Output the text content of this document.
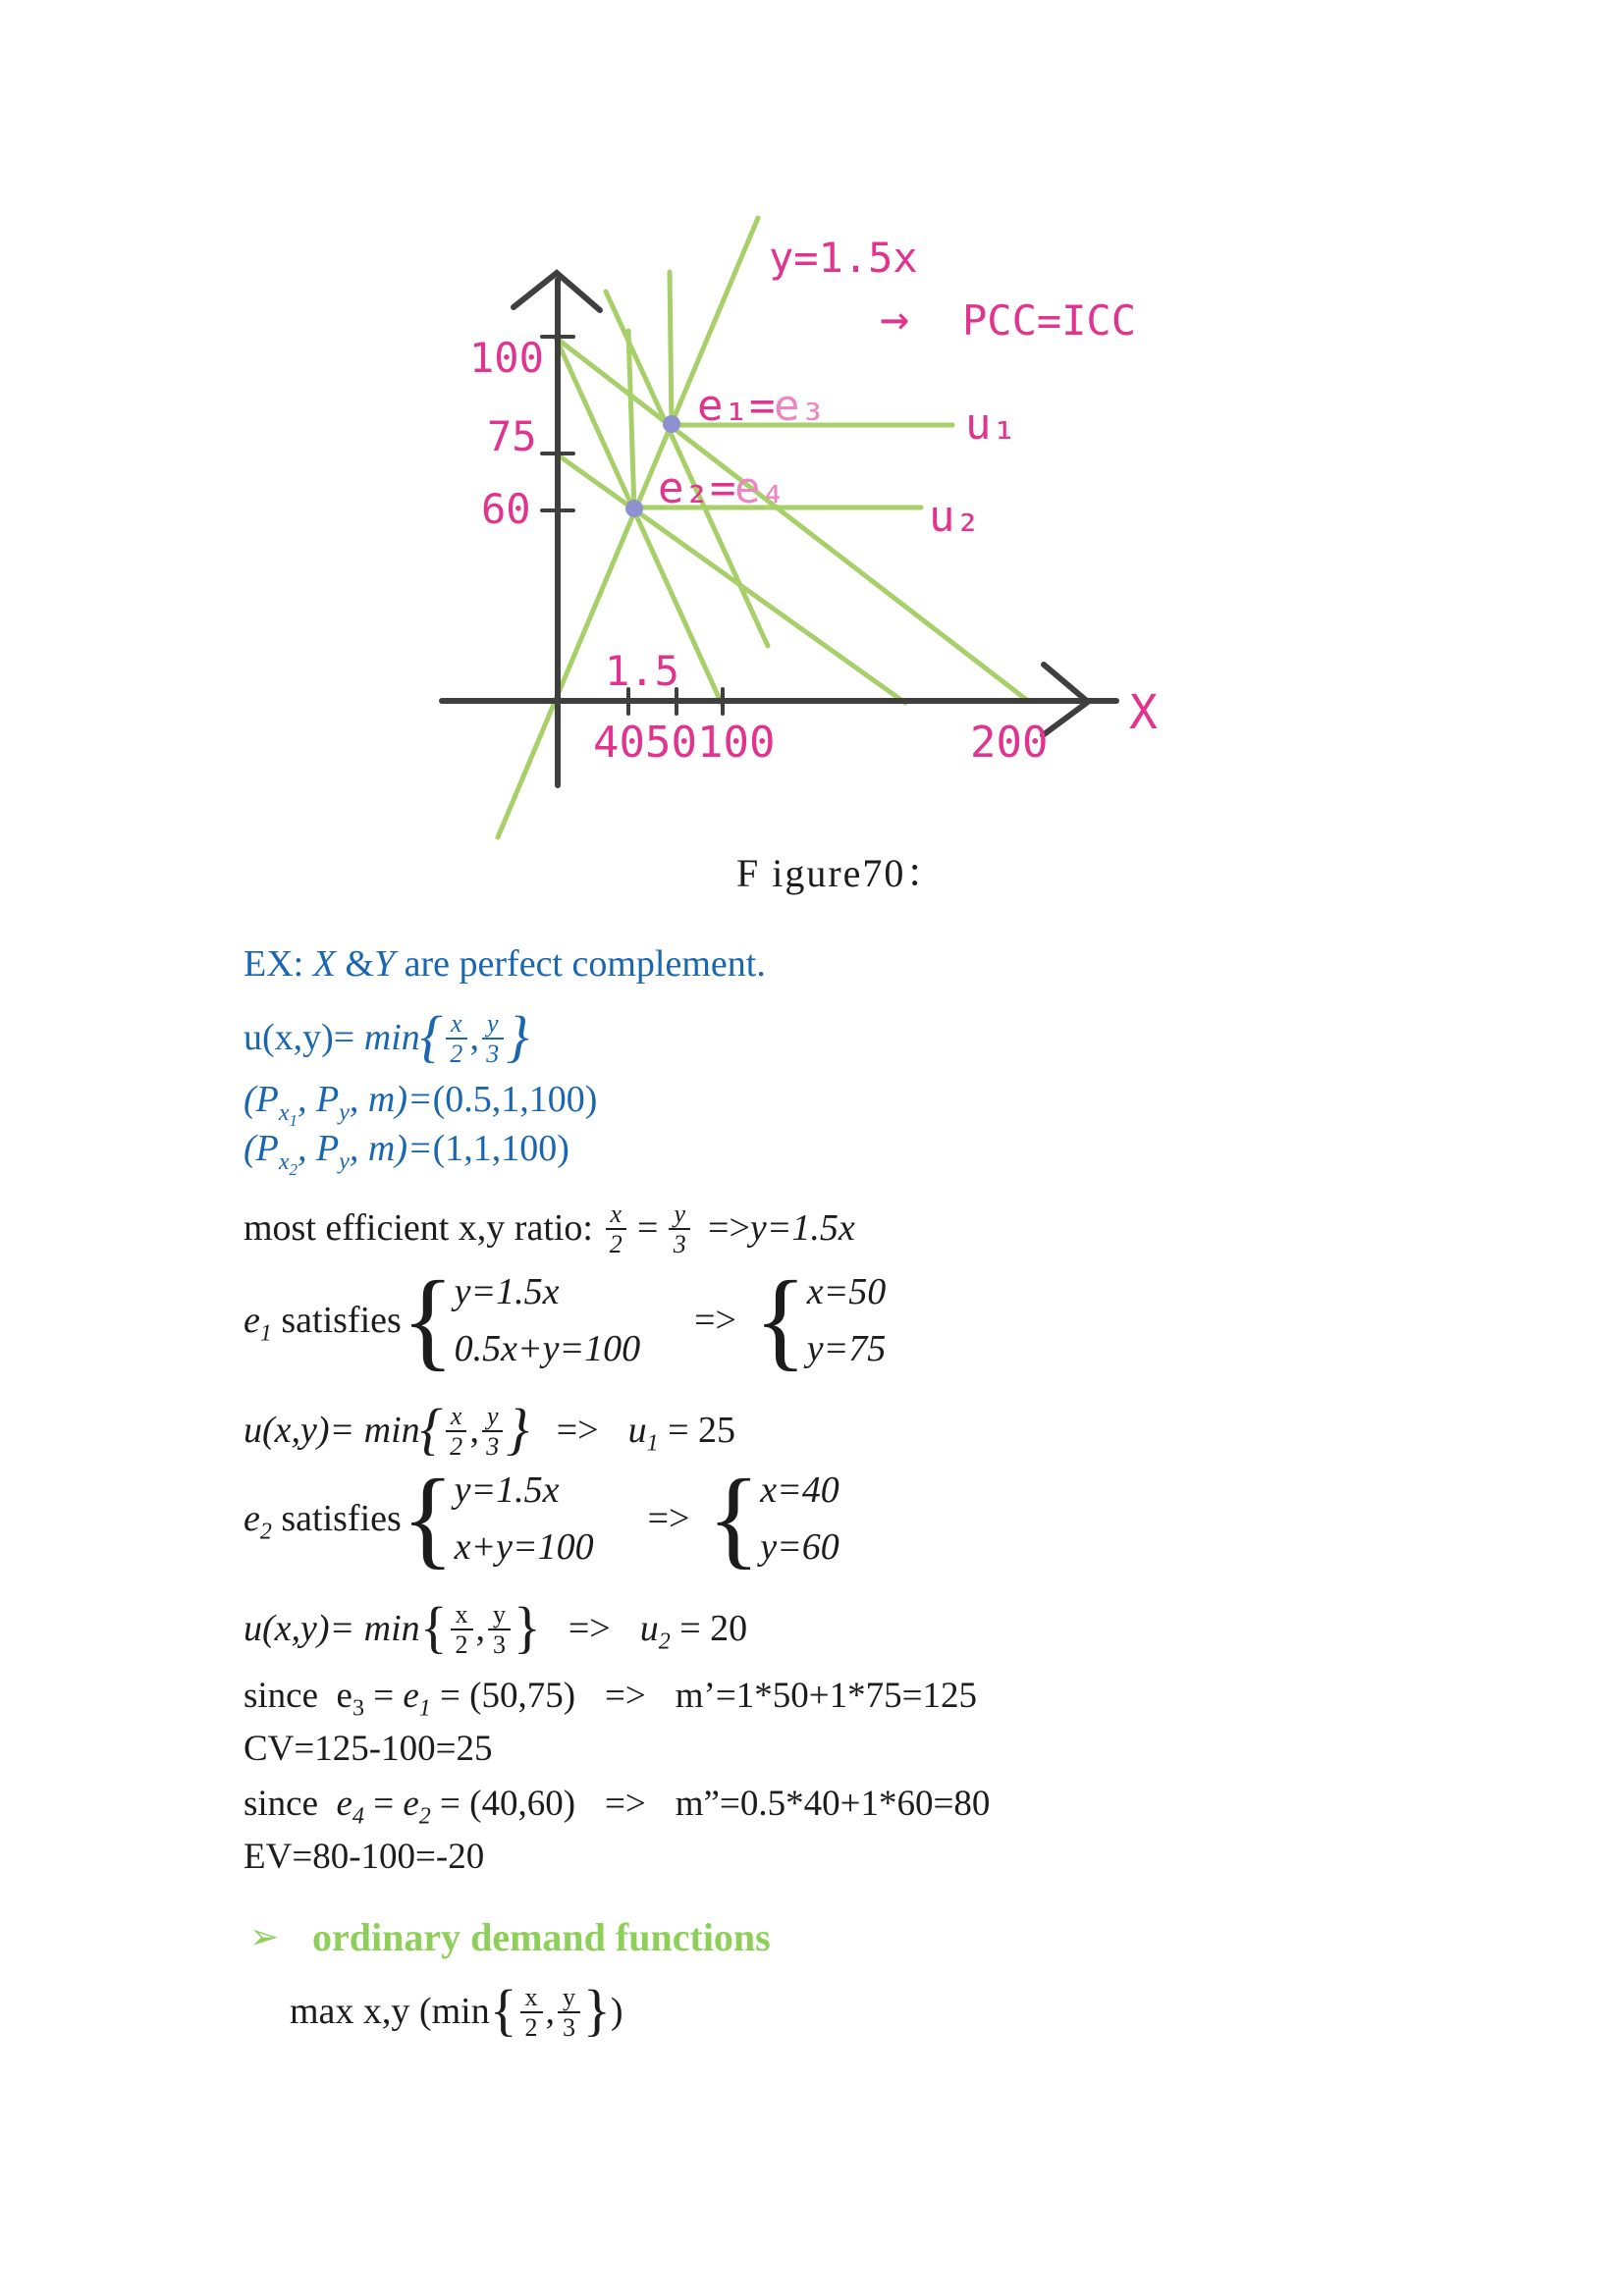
y=1.5x
→ PCC=ICC
100
75
60
e₁=
e₃
e₂=
e₄
u₁
u₂
1.5
40 50 100	200
X
F igure70：
EX: X & Y are perfect complement.
u(x,y)= min { $\frac{x}{2}$ , $\frac{y}{3}$ }
($P_{x_1}$, $P_y$, m)= (0.5,1,100)
($P_{x_2}$, $P_y$, m)= (1,1,100)
most efficient x,y ratio: $\frac{x}{2} = \frac{y}{3} => y=1.5x$
$e_1$ satisfies { y=1.5x
0.5x+y=100
=> { x=50
y=75
u(x,y)= min { $\frac{x}{2}$ , $\frac{y}{3}$ } => $u_1 = 25$
$e_2$ satisfies { y=1.5x
x+y=100
=> { x=40
y=60
u(x,y)= min { $\frac{x}{2}$ , $\frac{y}{3}$ } => $u_2 = 20$
since $e_3 = e_1 = (50,75)$ => m’=1*50+1*75=125
CV=125-100=25
since $e_4 = e_2 = (40,60)$ => m”=0.5*40+1*60=80
EV=80-100=-20
➢ ordinary demand functions
max x,y (min { $\frac{x}{2}$ , $\frac{y}{3}$ } )
